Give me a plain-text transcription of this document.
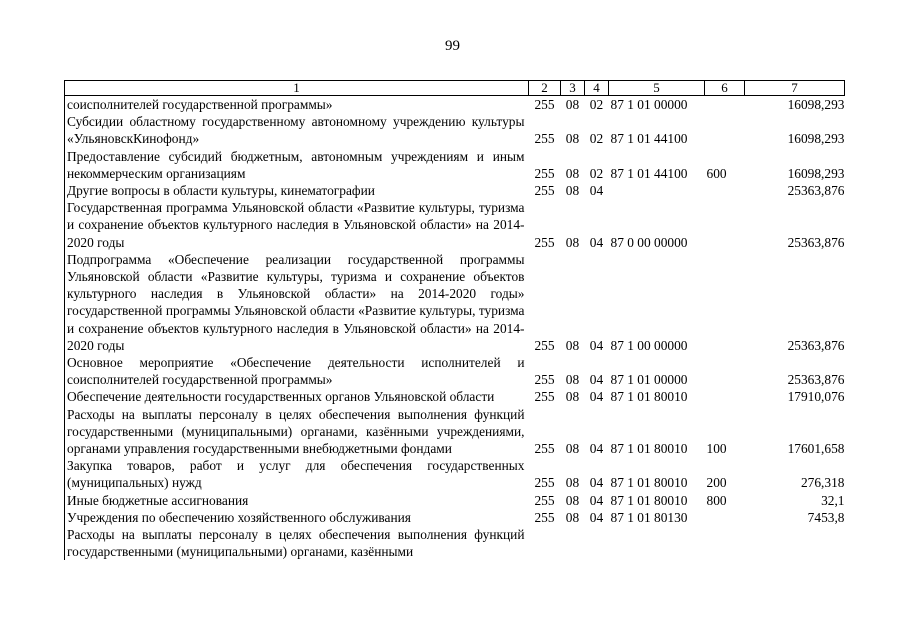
99
1	2	3	4	5	6	7
соисполнителей государственной программы»	255	08	02	87 1 01 00000		16098,293
Субсидии областному государственному автономному учреждению культуры «УльяновскКинофонд»	255	08	02	87 1 01 44100		16098,293
Предоставление субсидий бюджетным, автономным учреждениям и иным некоммерческим организациям	255	08	02	87 1 01 44100	600	16098,293
Другие вопросы в области культуры, кинематографии	255	08	04			25363,876
Государственная программа Ульяновской области «Развитие культуры, туризма и сохранение объектов культурного наследия в Ульяновской области» на 2014-2020 годы	255	08	04	87 0 00 00000		25363,876
Подпрограмма «Обеспечение реализации государственной программы Ульяновской области «Развитие культуры, туризма и сохранение объектов культурного наследия в Ульяновской области» на 2014-2020 годы» государственной программы Ульяновской области «Развитие культуры, туризма и сохранение объектов культурного наследия в Ульяновской области» на 2014-2020 годы	255	08	04	87 1 00 00000		25363,876
Основное мероприятие «Обеспечение деятельности исполнителей и соисполнителей государственной программы»	255	08	04	87 1 01 00000		25363,876
Обеспечение деятельности государственных органов Ульяновской области	255	08	04	87 1 01 80010		17910,076
Расходы на выплаты персоналу в целях обеспечения выполнения функций государственными (муниципальными) органами, казёнными учреждениями, органами управления государственными внебюджетными фондами	255	08	04	87 1 01 80010	100	17601,658
Закупка товаров, работ и услуг для обеспечения государственных (муниципальных) нужд	255	08	04	87 1 01 80010	200	276,318
Иные бюджетные ассигнования	255	08	04	87 1 01 80010	800	32,1
Учреждения по обеспечению хозяйственного обслуживания	255	08	04	87 1 01 80130		7453,8
Расходы на выплаты персоналу в целях обеспечения выполнения функций государственными (муниципальными) органами, казёнными						
